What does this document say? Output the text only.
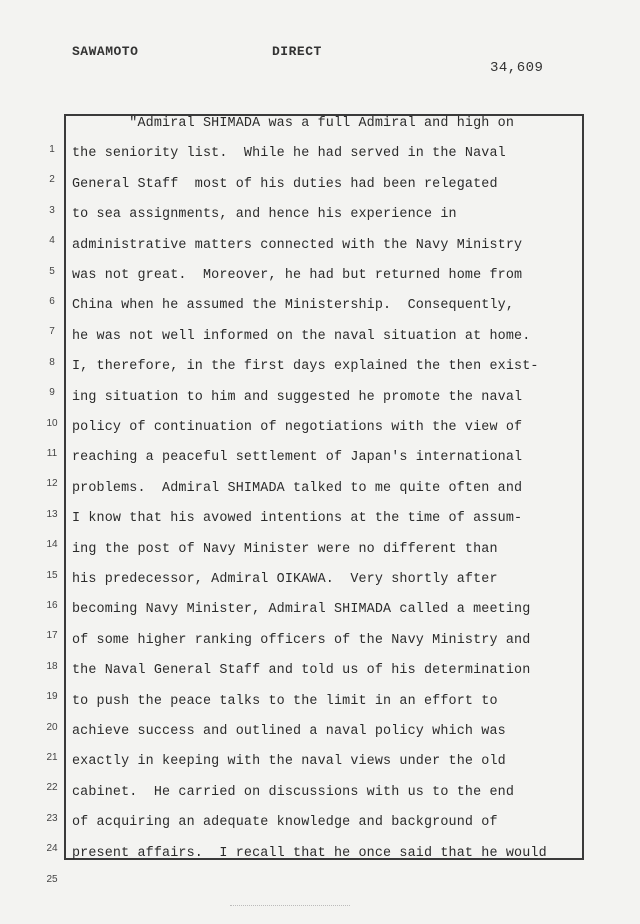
SAWAMOTO	DIRECT
34,609
1
2
3
4
5
6
7
8
9
10
11
12
13
14
15
16
17
18
19
20
21
22
23
24
25
"Admiral SHIMADA was a full Admiral and high on
the seniority list.  While he had served in the Naval
General Staff  most of his duties had been relegated
to sea assignments, and hence his experience in
administrative matters connected with the Navy Ministry
was not great.  Moreover, he had but returned home from
China when he assumed the Ministership.  Consequently,
he was not well informed on the naval situation at home.
I, therefore, in the first days explained the then exist-
ing situation to him and suggested he promote the naval
policy of continuation of negotiations with the view of
reaching a peaceful settlement of Japan's international
problems.  Admiral SHIMADA talked to me quite often and
I know that his avowed intentions at the time of assum-
ing the post of Navy Minister were no different than
his predecessor, Admiral OIKAWA.  Very shortly after
becoming Navy Minister, Admiral SHIMADA called a meeting
of some higher ranking officers of the Navy Ministry and
the Naval General Staff and told us of his determination
to push the peace talks to the limit in an effort to
achieve success and outlined a naval policy which was
exactly in keeping with the naval views under the old
cabinet.  He carried on discussions with us to the end
of acquiring an adequate knowledge and background of
present affairs.  I recall that he once said that he would
